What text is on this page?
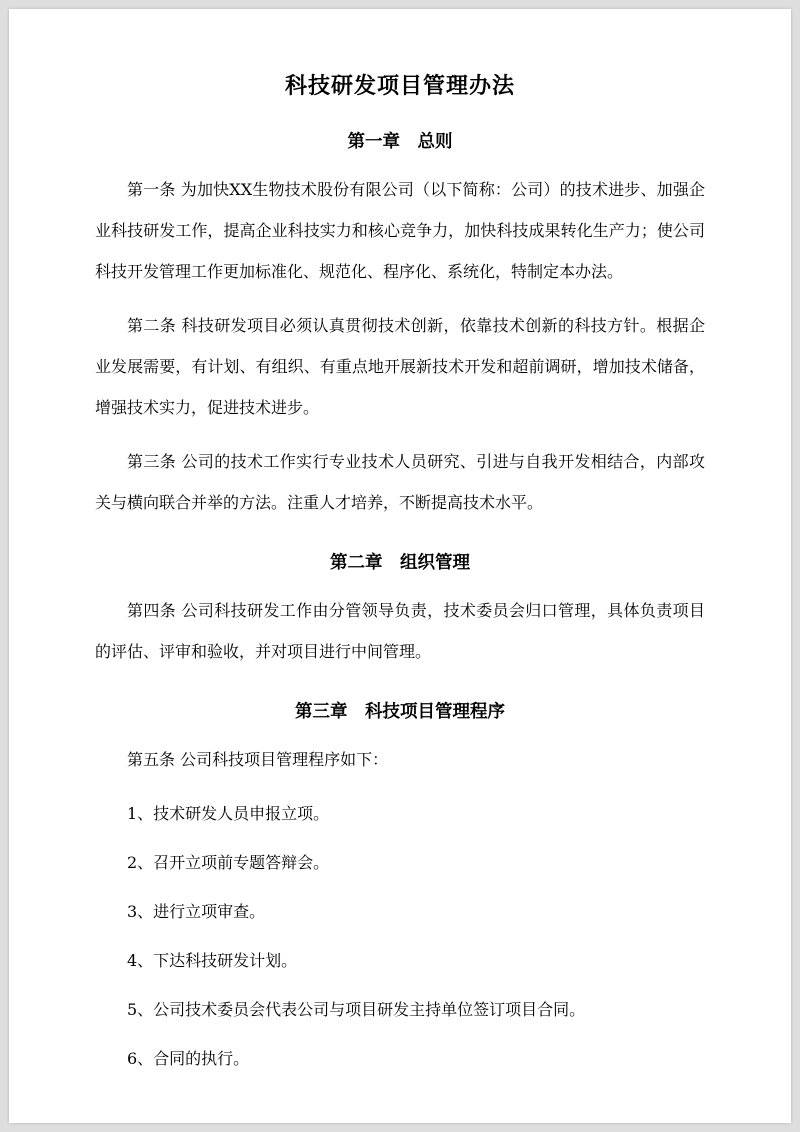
科技研发项目管理办法
第一章　总则

第一条 为加快XX生物技术股份有限公司（以下简称：公司）的技术进步、加强企业科技研发工作，提高企业科技实力和核心竞争力，加快科技成果转化生产力；使公司科技开发管理工作更加标准化、规范化、程序化、系统化，特制定本办法。

第二条 科技研发项目必须认真贯彻技术创新，依靠技术创新的科技方针。根据企业发展需要，有计划、有组织、有重点地开展新技术开发和超前调研，增加技术储备，增强技术实力，促进技术进步。

第三条 公司的技术工作实行专业技术人员研究、引进与自我开发相结合，内部攻关与横向联合并举的方法。注重人才培养，不断提高技术水平。

第二章　组织管理

第四条 公司科技研发工作由分管领导负责，技术委员会归口管理，具体负责项目的评估、评审和验收，并对项目进行中间管理。

第三章　科技项目管理程序

第五条 公司科技项目管理程序如下：

1、技术研发人员申报立项。

2、召开立项前专题答辩会。

3、进行立项审查。

4、下达科技研发计划。

5、公司技术委员会代表公司与项目研发主持单位签订项目合同。

6、合同的执行。
